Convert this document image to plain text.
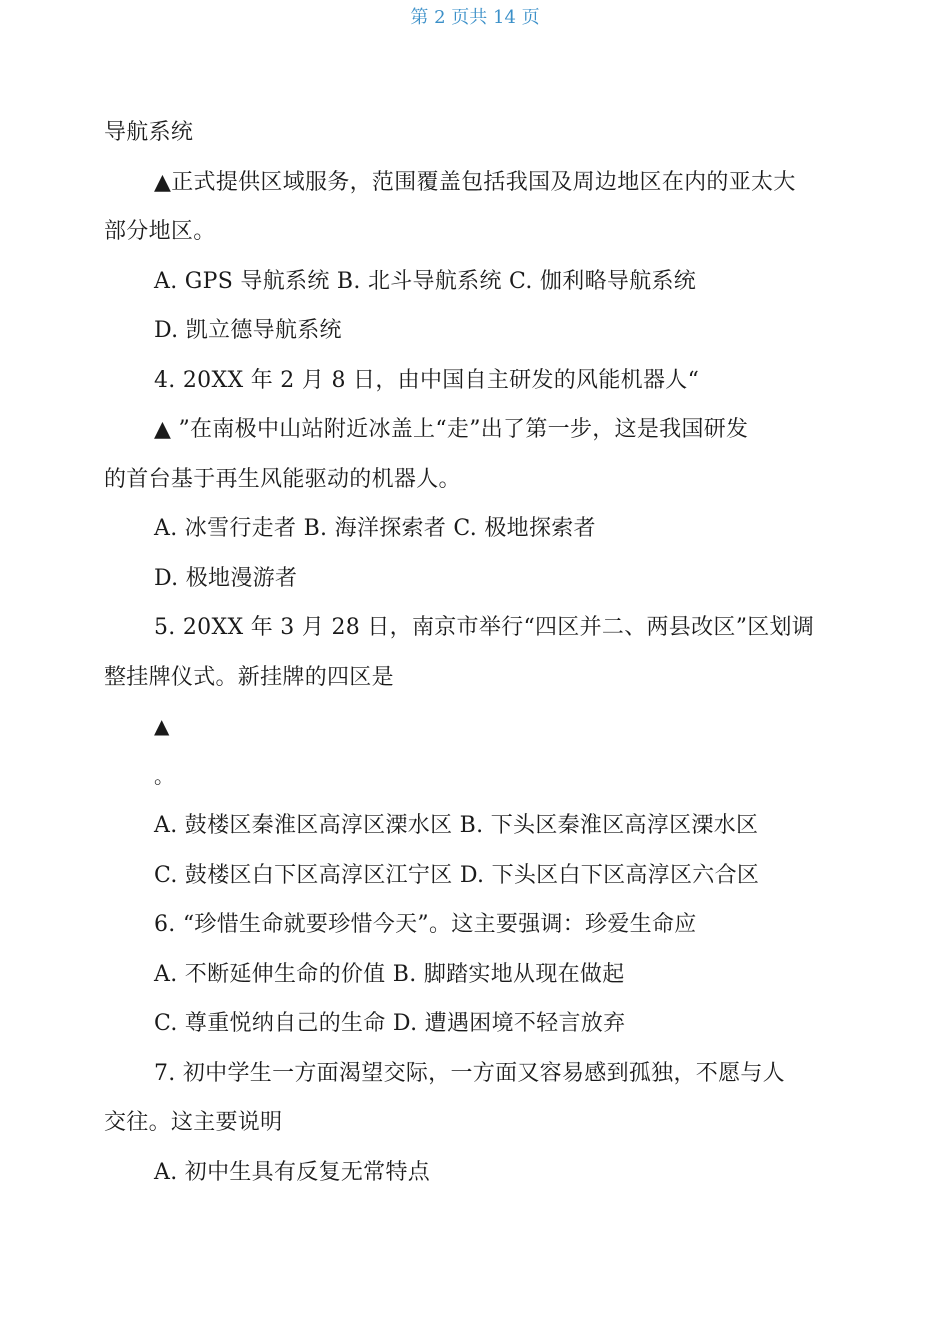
第 2 页共 14 页
导航系统
▲正式提供区域服务，范围覆盖包括我国及周边地区在内的亚太大
部分地区。
A. GPS 导航系统 B. 北斗导航系统 C. 伽利略导航系统
D. 凯立德导航系统
4. 20XX 年 2 月 8 日，由中国自主研发的风能机器人“
▲ ”在南极中山站附近冰盖上“走”出了第一步，这是我国研发
的首台基于再生风能驱动的机器人。
A. 冰雪行走者 B. 海洋探索者 C. 极地探索者
D. 极地漫游者
5. 20XX 年 3 月 28 日，南京市举行“四区并二、两县改区”区划调
整挂牌仪式。新挂牌的四区是
▲
。
A. 鼓楼区秦淮区高淳区溧水区 B. 下头区秦淮区高淳区溧水区
C. 鼓楼区白下区高淳区江宁区 D. 下头区白下区高淳区六合区
6. “珍惜生命就要珍惜今天”。这主要强调：珍爱生命应
A. 不断延伸生命的价值 B. 脚踏实地从现在做起
C. 尊重悦纳自己的生命 D. 遭遇困境不轻言放弃
7. 初中学生一方面渴望交际，一方面又容易感到孤独，不愿与人
交往。这主要说明
A. 初中生具有反复无常特点
